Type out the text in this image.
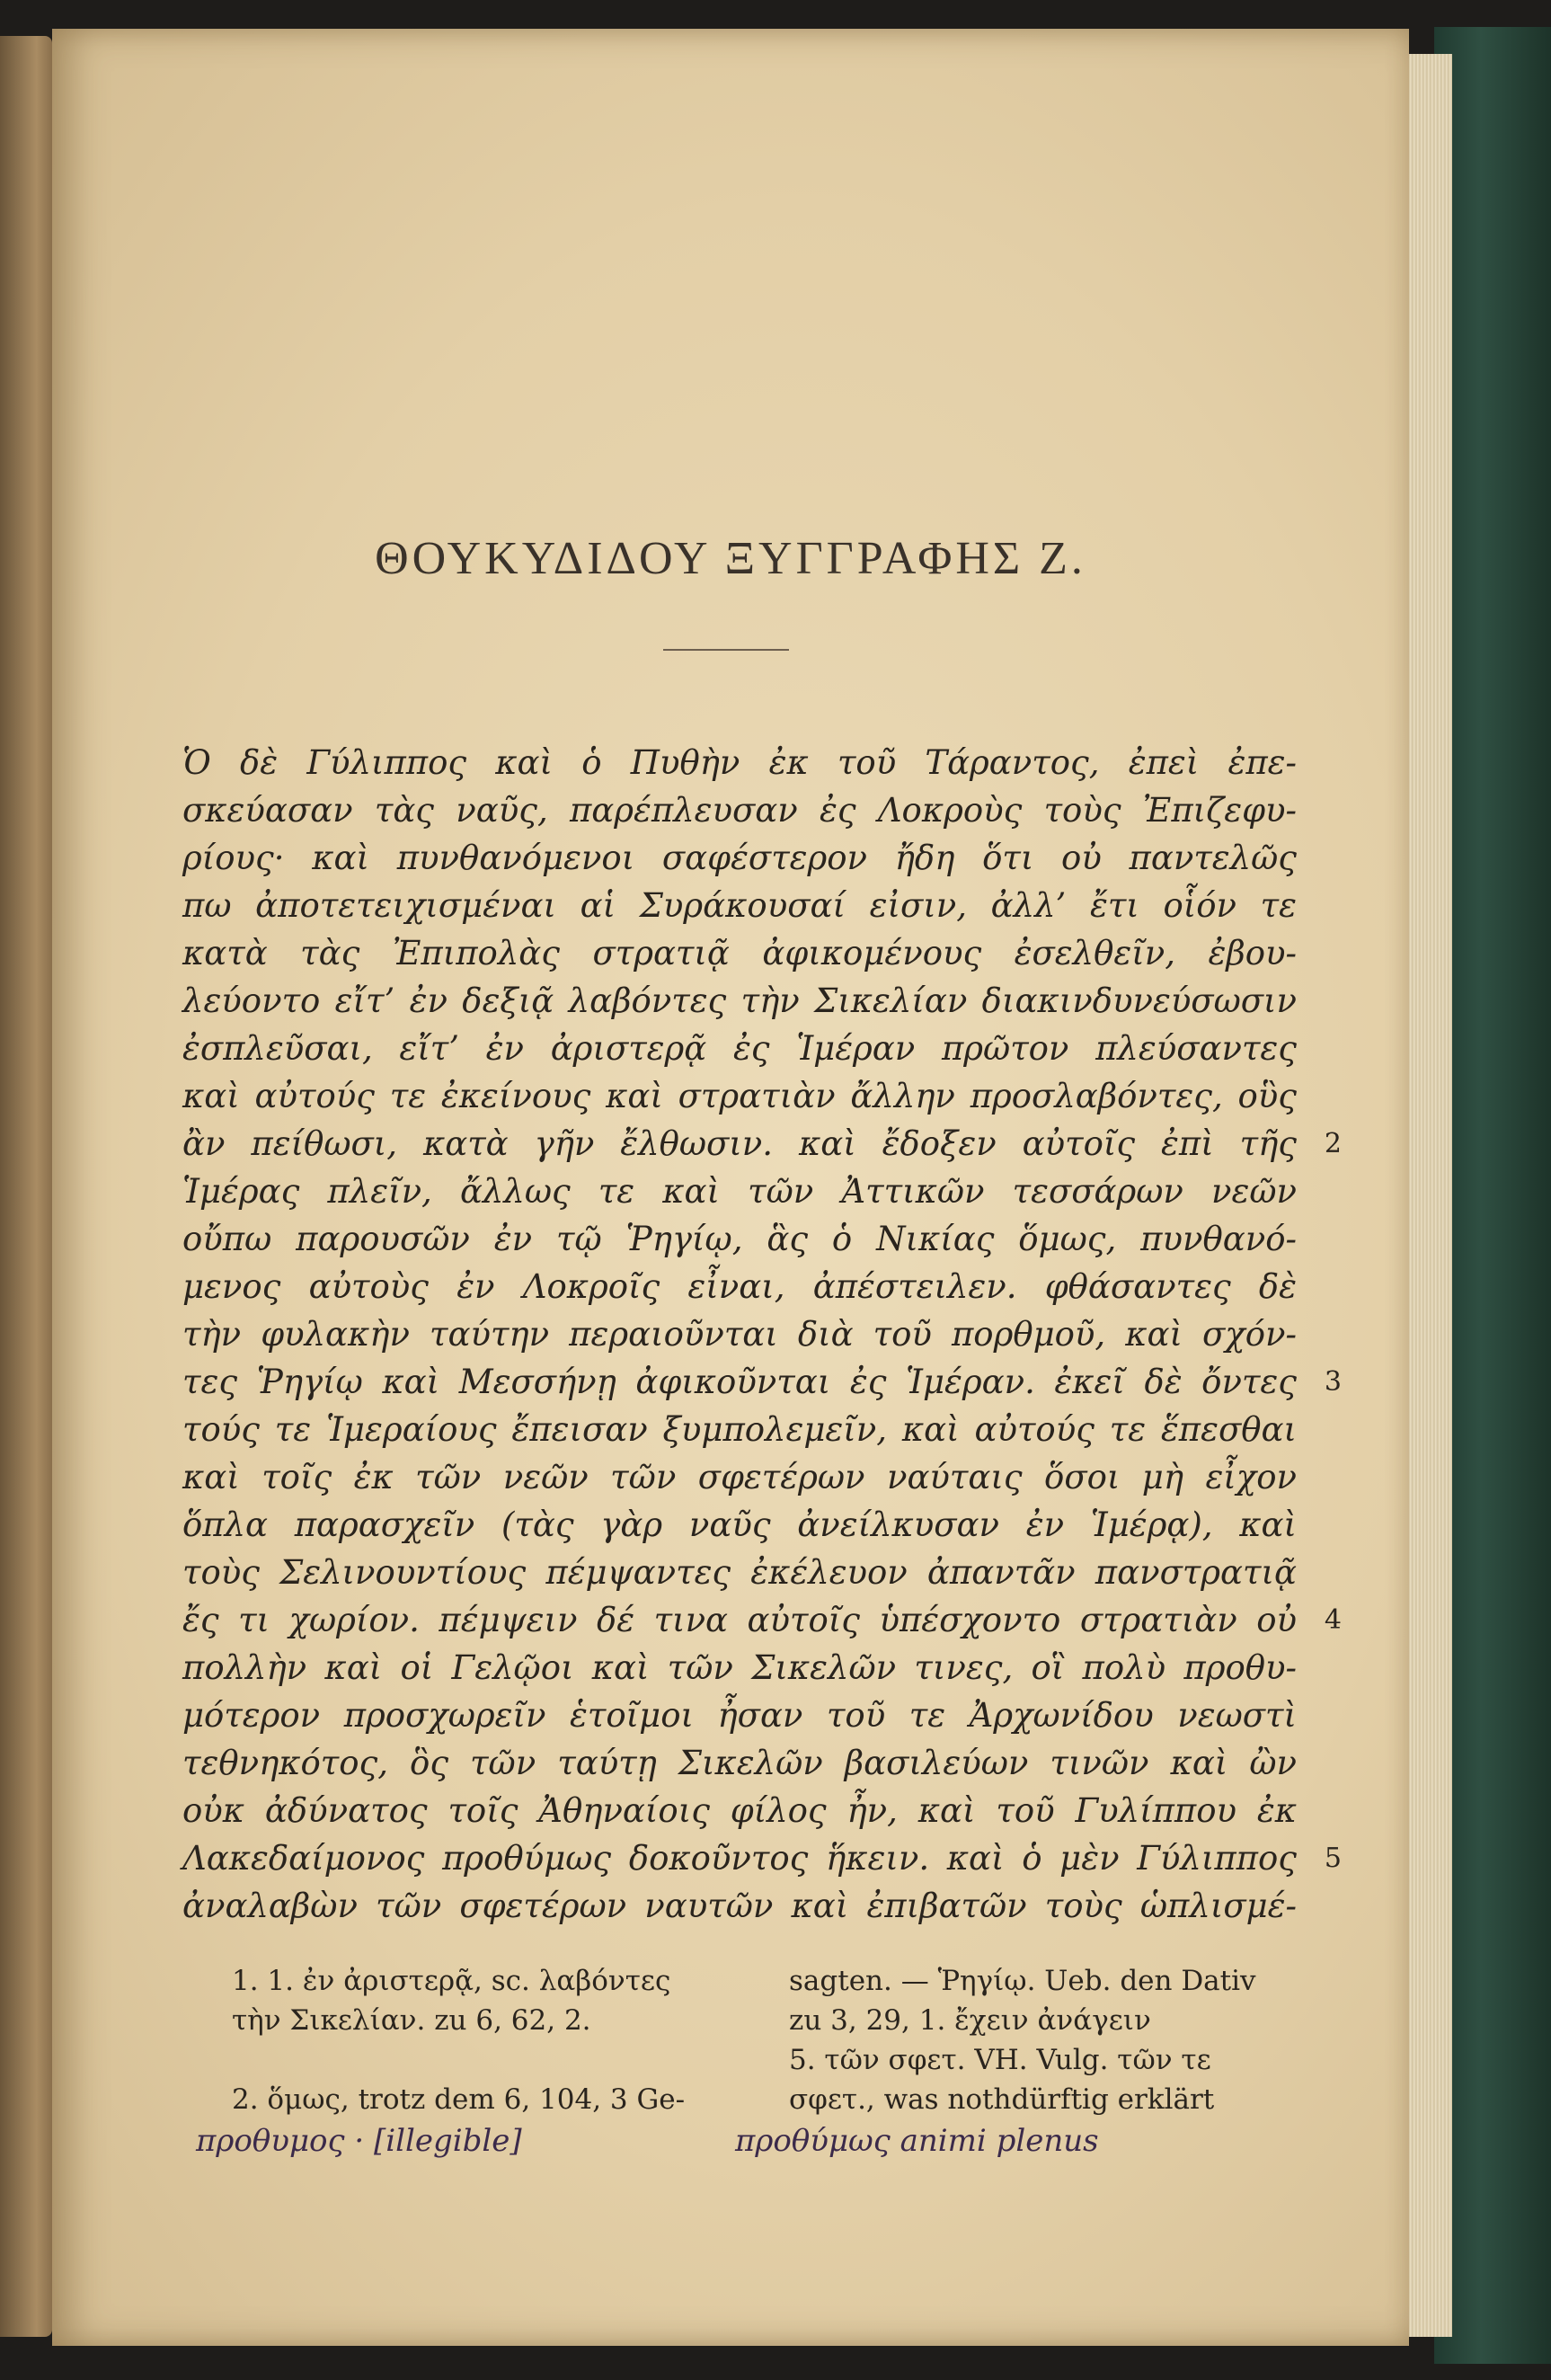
ΘΟΥΚΥΔΙΔΟΥ ΞΥΓΓΡΑΦΗΣ Ζ.
Ὁ δὲ Γύλιππος καὶ ὁ Πυθὴν ἐκ τοῦ Τάραντος, ἐπεὶ ἐπε-
σκεύασαν τὰς ναῦς, παρέπλευσαν ἐς Λοκροὺς τοὺς Ἐπιζεφυ-
ρίους· καὶ πυνθανόμενοι σαφέστερον ἤδη ὅτι οὐ παντελῶς
πω ἀποτετειχισμέναι αἱ Συράκουσαί εἰσιν, ἀλλ’ ἔτι οἷόν τε
κατὰ τὰς Ἐπιπολὰς στρατιᾷ ἀφικομένους ἐσελθεῖν, ἐβου-
λεύοντο εἴτ’ ἐν δεξιᾷ λαβόντες τὴν Σικελίαν διακινδυνεύσωσιν
ἐσπλεῦσαι, εἴτ’ ἐν ἀριστερᾷ ἐς Ἱμέραν πρῶτον πλεύσαντες
καὶ αὐτούς τε ἐκείνους καὶ στρατιὰν ἄλλην προσλαβόντες, οὓς
ἂν πείθωσι, κατὰ γῆν ἔλθωσιν. καὶ ἔδοξεν αὐτοῖς ἐπὶ τῆς 2
Ἱμέρας πλεῖν, ἄλλως τε καὶ τῶν Ἀττικῶν τεσσάρων νεῶν
οὔπω παρουσῶν ἐν τῷ Ῥηγίῳ, ἃς ὁ Νικίας ὅμως, πυνθανό-
μενος αὐτοὺς ἐν Λοκροῖς εἶναι, ἀπέστειλεν. φθάσαντες δὲ
τὴν φυλακὴν ταύτην περαιοῦνται διὰ τοῦ πορθμοῦ, καὶ σχόν-
τες Ῥηγίῳ καὶ Μεσσήνῃ ἀφικοῦνται ἐς Ἱμέραν. ἐκεῖ δὲ ὄντες 3
τούς τε Ἱμεραίους ἔπεισαν ξυμπολεμεῖν, καὶ αὐτούς τε ἕπεσθαι
καὶ τοῖς ἐκ τῶν νεῶν τῶν σφετέρων ναύταις ὅσοι μὴ εἶχον
ὅπλα παρασχεῖν (τὰς γὰρ ναῦς ἀνείλκυσαν ἐν Ἱμέρᾳ), καὶ
τοὺς Σελινουντίους πέμψαντες ἐκέλευον ἀπαντᾶν πανστρατιᾷ
ἔς τι χωρίον. πέμψειν δέ τινα αὐτοῖς ὑπέσχοντο στρατιὰν οὐ 4
πολλὴν καὶ οἱ Γελῷοι καὶ τῶν Σικελῶν τινες, οἳ πολὺ προθυ-
μότερον προσχωρεῖν ἑτοῖμοι ἦσαν τοῦ τε Ἀρχωνίδου νεωστὶ
τεθνηκότος, ὃς τῶν ταύτῃ Σικελῶν βασιλεύων τινῶν καὶ ὢν
οὐκ ἀδύνατος τοῖς Ἀθηναίοις φίλος ἦν, καὶ τοῦ Γυλίππου ἐκ
Λακεδαίμονος προθύμως δοκοῦντος ἥκειν. καὶ ὁ μὲν Γύλιππος 5
ἀναλαβὼν τῶν σφετέρων ναυτῶν καὶ ἐπιβατῶν τοὺς ὡπλισμέ-
1. 1. ἐν ἀριστερᾷ, sc. λαβόντες
τὴν Σικελίαν. zu 6, 62, 2.
2. ὅμως, trotz dem 6, 104, 3 Ge-
sagten. — Ῥηγίῳ. Ueb. den Dativ
zu 3, 29, 1. ἔχειν ἀνάγειν
5. τῶν σφετ. VH. Vulg. τῶν τε
σφετ., was nothdürftig erklärt
προθυμος · [illegible]	προθύμως animi plenus
